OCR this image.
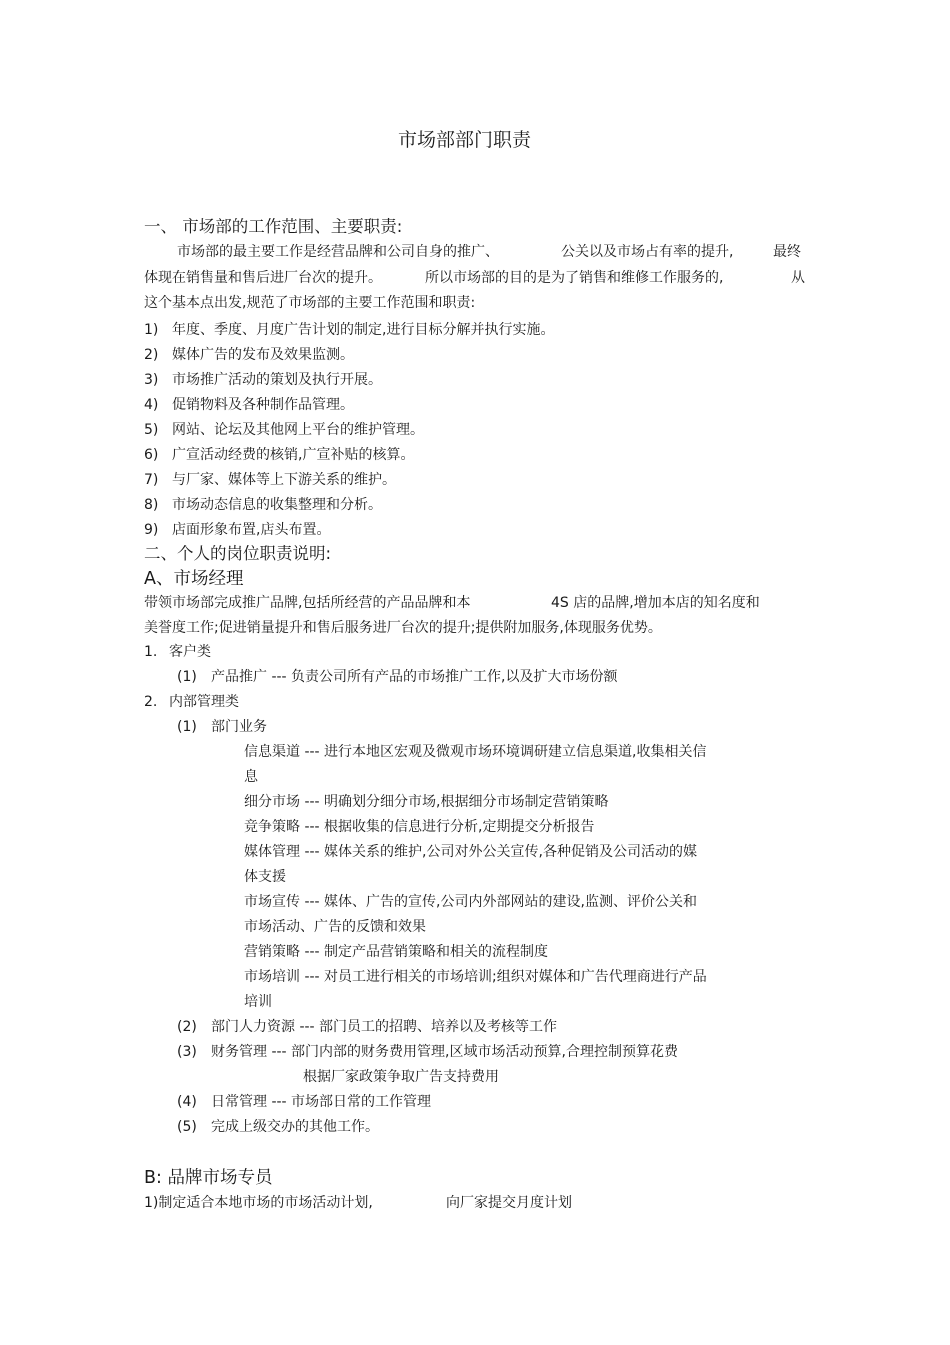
市场部部门职责
一、 市场部的工作范围、主要职责:
市场部的最主要工作是经营品牌和公司自身的推广、	公关以及市场占有率的提升,	最终
体现在销售量和售后进厂台次的提升。	所以市场部的目的是为了销售和维修工作服务的,	从
这个基本点出发,规范了市场部的主要工作范围和职责:
1) 年度、季度、月度广告计划的制定,进行目标分解并执行实施。
2) 媒体广告的发布及效果监测。
3) 市场推广活动的策划及执行开展。
4) 促销物料及各种制作品管理。
5) 网站、论坛及其他网上平台的维护管理。
6) 广宣活动经费的核销,广宣补贴的核算。
7) 与厂家、媒体等上下游关系的维护。
8) 市场动态信息的收集整理和分析。
9) 店面形象布置,店头布置。
二、个人的岗位职责说明:
A、市场经理
带领市场部完成推广品牌,包括所经营的产品品牌和本	4S 店的品牌,增加本店的知名度和
美誉度工作;促进销量提升和售后服务进厂台次的提升;提供附加服务,体现服务优势。
1. 客户类
(1) 产品推广 --- 负责公司所有产品的市场推广工作,以及扩大市场份额
2. 内部管理类
(1) 部门业务
信息渠道 --- 进行本地区宏观及微观市场环境调研建立信息渠道,收集相关信
息
细分市场 --- 明确划分细分市场,根据细分市场制定营销策略
竞争策略 --- 根据收集的信息进行分析,定期提交分析报告
媒体管理 --- 媒体关系的维护,公司对外公关宣传,各种促销及公司活动的媒
体支援
市场宣传 --- 媒体、广告的宣传,公司内外部网站的建设,监测、评价公关和
市场活动、广告的反馈和效果
营销策略 --- 制定产品营销策略和相关的流程制度
市场培训 --- 对员工进行相关的市场培训;组织对媒体和广告代理商进行产品
培训
(2) 部门人力资源 --- 部门员工的招聘、培养以及考核等工作
(3) 财务管理 --- 部门内部的财务费用管理,区域市场活动预算,合理控制预算花费
根据厂家政策争取广告支持费用
(4) 日常管理 --- 市场部日常的工作管理
(5) 完成上级交办的其他工作。
B: 品牌市场专员
1)制定适合本地市场的市场活动计划,	向厂家提交月度计划
